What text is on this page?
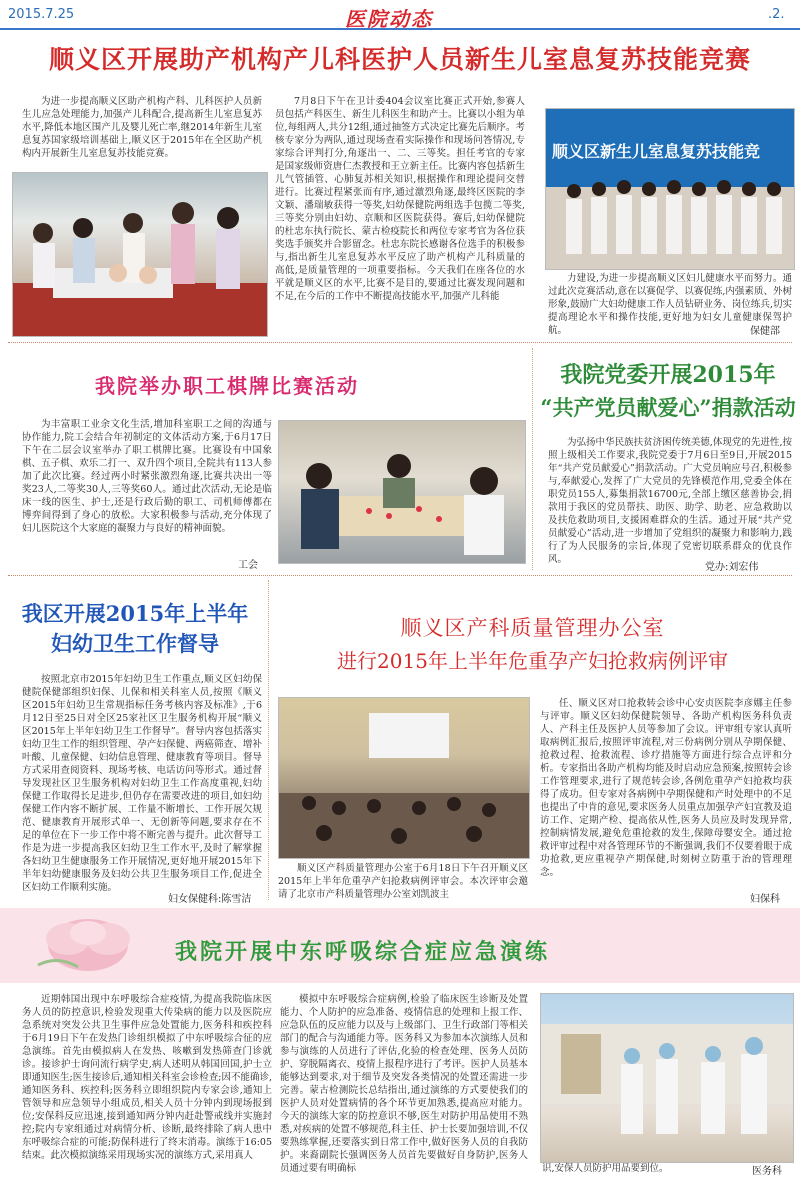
2015.7.25	医院动态	.2.
顺义区开展助产机构产儿科医护人员新生儿室息复苏技能竞赛

为进一步提高顺义区助产机构产科、儿科医护人员新生儿应急处理能力,加强产儿科配合,提高新生儿室息复苏水平,降低本地区围产儿及婴儿死亡率,继2014年新生儿室息复苏国家级培训基础上,顺义区于2015年在全区助产机构内开展新生儿室息复苏技能竞赛。

7月8日下午在卫计委404会议室比赛正式开始,参赛人员包括产科医生、新生儿科医生和助产士。比赛以小组为单位,每组两人,共分12组,通过抽签方式决定比赛先后顺序。考核专家分为两队,通过现场查看实际操作和现场问答情况,专家综合评判打分,角逐出一、二、三等奖。担任考官的专家是国家级师资唐仁杰教授和王立新主任。比赛内容包括新生儿气管插管、心肺复苏相关知识,根据操作和理论提问交替进行。比赛过程紧张而有序,通过激烈角逐,最终区医院的李文颖、潘瑞敏获得一等奖,妇幼保健院两组选手包揽二等奖,三等奖分别由妇幼、京顺和区医院获得。赛后,妇幼保健院的杜忠东执行院长、蒙古检疫院长和两位专家考官为各位获奖选手颁奖并合影留念。杜忠东院长感谢各位选手的积极参与,指出新生儿室息复苏水平反应了助产机构产儿科质量的高低,是质量管理的一项重要指标。今天我们在座各位的水平就是顺义区的水平,比赛不是目的,要通过比赛发现问题和不足,在今后的工作中不断提高技能水平,加强产儿科能

顺义区新生儿室息复苏技能竞

力建设,为进一步提高顺义区妇儿健康水平而努力。通过此次竞赛活动,意在以赛促学、以赛促练,内强素质、外树形象,鼓励广大妇幼健康工作人员钻研业务、岗位练兵,切实提高理论水平和操作技能,更好地为妇女儿童健康保驾护航。	保健部
我院举办职工棋牌比赛活动

为丰富职工业余文化生活,增加科室职工之间的沟通与协作能力,院工会结合年初制定的文体活动方案,于6月17日下午在二层会议室举办了职工棋牌比赛。比赛设有中国象棋、五子棋、欢乐二打一、双升四个项目,全院共有113人参加了此次比赛。经过两小时紧张激烈角逐,比赛共决出一等奖23人,二等奖30人,三等奖60人。通过此次活动,无论是临床一线的医生、护士,还是行政后勤的职工、司机师傅都在博弈间得到了身心的放松。大家积极参与活动,充分体现了妇儿医院这个大家庭的凝聚力与良好的精神面貌。

工会
我院党委开展2015年
“共产党员献爱心”捐款活动

为弘扬中华民族扶贫济困传统美德,体现党的先进性,按照上级相关工作要求,我院党委于7月6日至9日,开展2015年“共产党员献爱心”捐款活动。广大党员响应号召,积极参与,奉献爱心,发挥了广大党员的先锋模范作用,党委全体在职党员155人,募集捐款16700元,全部上缴区慈善协会,捐款用于我区的党员帮扶、助医、助学、助老、应急救助以及扶危救助项目,支援困难群众的生活。通过开展“共产党员献爱心”活动,进一步增加了党组织的凝聚力和影响力,践行了为人民服务的宗旨,体现了党密切联系群众的优良作风。

党办:刘宏伟
我区开展2015年上半年
妇幼卫生工作督导

按照北京市2015年妇幼卫生工作重点,顺义区妇幼保健院保健部组织妇保、儿保和相关科室人员,按照《顺义区2015年妇幼卫生常规指标任务考核内容及标准》,于6月12日至25日对全区25家社区卫生服务机构开展“顺义区2015年上半年妇幼卫生工作督导”。督导内容包括落实妇幼卫生工作的组织管理、孕产妇保健、两癌筛查、增补叶酸、儿童保健、妇幼信息管理、健康教育等项目。督导方式采用查阅资料、现场考核、电话访问等形式。通过督导发现社区卫生服务机构对妇幼卫生工作高度重视,妇幼保健工作取得长足进步,但仍存在需要改进的项目,如妇幼保健工作内容不断扩展、工作量不断增长、工作开展欠规范、健康教育开展形式单一、无创新等问题,要求存在不足的单位在下一步工作中将不断完善与提升。此次督导工作是为进一步提高我区妇幼卫生工作水平,及时了解掌握各妇幼卫生健康服务工作开展情况,更好地开展2015年下半年妇幼健康服务及妇幼公共卫生服务项目工作,促进全区妇幼工作顺利实施。

妇女保健科:陈雪洁
顺义区产科质量管理办公室
进行2015年上半年危重孕产妇抢救病例评审

顺义区产科质量管理办公室于6月18日下午召开顺义区2015年上半年危重孕产妇抢救病例评审会。本次评审会邀请了北京市产科质量管理办公室刘凯波主

任、顺义区对口抢救转会诊中心安贞医院李彦娜主任参与评审。顺义区妇幼保健院领导、各助产机构医务科负责人、产科主任及医护人员等参加了会议。评审组专家认真听取病例汇报后,按照评审流程,对三份病例分别从孕期保健、抢救过程、抢救流程、诊疗措施等方面进行综合点评和分析。专家指出各助产机构均能及时启动应急预案,按照转会诊工作管理要求,进行了规范转会诊,各例危重孕产妇抢救均获得了成功。但专家对各病例中孕期保健和产时处理中的不足也提出了中肯的意见,要求医务人员重点加强孕产妇宣教及追访工作、定期产检、提高依从性,医务人员应及时发现异常,控制病情发展,避免危重抢救的发生,保障母婴安全。通过抢救评审过程中对各管理环节的不断强调,我们不仅要着眼于成功抢救,更应重视孕产期保健,时刻树立防重于治的管理理念。

妇保科
我院开展中东呼吸综合症应急演练

近期韩国出现中东呼吸综合症疫情,为提高我院临床医务人员的防控意识,检验发现重大传染病的能力以及医院应急系统对突发公共卫生事件应急处置能力,医务科和疾控科于6月19日下午在发热门诊组织模拟了中东呼吸综合征的应急演练。首先由模拟病人在发热、咳嗽到发热筛查门诊就诊。接诊护士询问流行病学史,病人述明从韩国回国,护士立即通知医生;医生接诊后,通知相关科室会诊检查;因不能确诊,通知医务科、疾控科;医务科立即组织院内专家会诊,通知上管领导和应急领导小组成员,相关人员十分钟内到现场报到位;安保科反应迅速,接到通知两分钟内赶赴警戒线并实施封控;院内专家组通过对病情分析、诊断,最终排除了病人患中东呼吸综合症的可能;防保科进行了终末消毒。演练于16:05结束。此次模拟演练采用现场实况的演练方式,采用真人

模拟中东呼吸综合症病例,检验了临床医生诊断及处置能力、个人防护的应急准备、疫情信息的处理和上报工作、应急队伍的反应能力以及与上级部门、卫生行政部门等相关部门的配合与沟通能力等。医务科又为参加本次演练人员和参与演练的人员进行了评估,化验的检查处理、医务人员防护、穿脱隔离衣、疫情上报程序进行了考评。医护人员基本能够达到要求,对于细节及突发各类情况的处置还需进一步完善。蒙古检测院长总结指出,通过演练的方式要使我们的医护人员对处置病情的各个环节更加熟悉,提高应对能力。今天的演练大家的防控意识不够,医生对防护用品使用不熟悉,对疾病的处置不够规范,科主任、护士长要加强培训,不仅要熟练掌握,还要落实到日常工作中,做好医务人员的自我防护。来裔副院长强调医务人员首先要做好自身防护,医务人员通过要有明确标	识,安保人员防护用品要到位。	医务科
